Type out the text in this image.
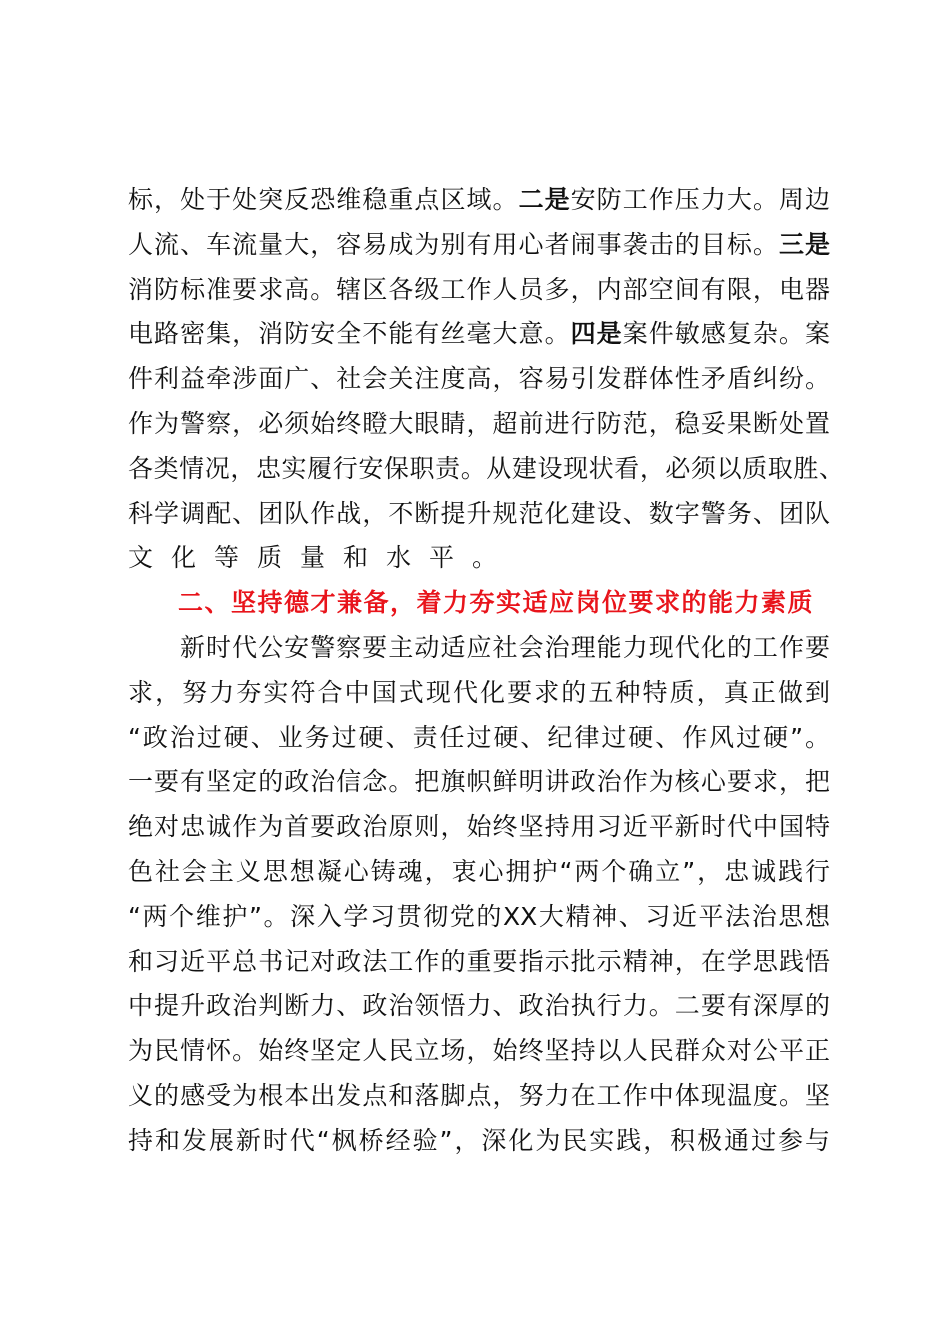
标，处于处突反恐维稳重点区域。二是安防工作压力大。周边
人流、车流量大，容易成为别有用心者闹事袭击的目标。三是
消防标准要求高。辖区各级工作人员多，内部空间有限，电器
电路密集，消防安全不能有丝毫大意。四是案件敏感复杂。案
件利益牵涉面广、社会关注度高，容易引发群体性矛盾纠纷。
作为警察，必须始终瞪大眼睛，超前进行防范，稳妥果断处置
各类情况，忠实履行安保职责。从建设现状看，必须以质取胜、
科学调配、团队作战，不断提升规范化建设、数字警务、团队
文化等质量和水平。
二、坚持德才兼备，着力夯实适应岗位要求的能力素质
新时代公安警察要主动适应社会治理能力现代化的工作要
求，努力夯实符合中国式现代化要求的五种特质，真正做到
“政治过硬、业务过硬、责任过硬、纪律过硬、作风过硬”。
一要有坚定的政治信念。把旗帜鲜明讲政治作为核心要求，把
绝对忠诚作为首要政治原则，始终坚持用习近平新时代中国特
色社会主义思想凝心铸魂，衷心拥护“两个确立”，忠诚践行
“两个维护”。深入学习贯彻党的XX大精神、习近平法治思想
和习近平总书记对政法工作的重要指示批示精神，在学思践悟
中提升政治判断力、政治领悟力、政治执行力。二要有深厚的
为民情怀。始终坚定人民立场，始终坚持以人民群众对公平正
义的感受为根本出发点和落脚点，努力在工作中体现温度。坚
持和发展新时代“枫桥经验”，深化为民实践，积极通过参与
